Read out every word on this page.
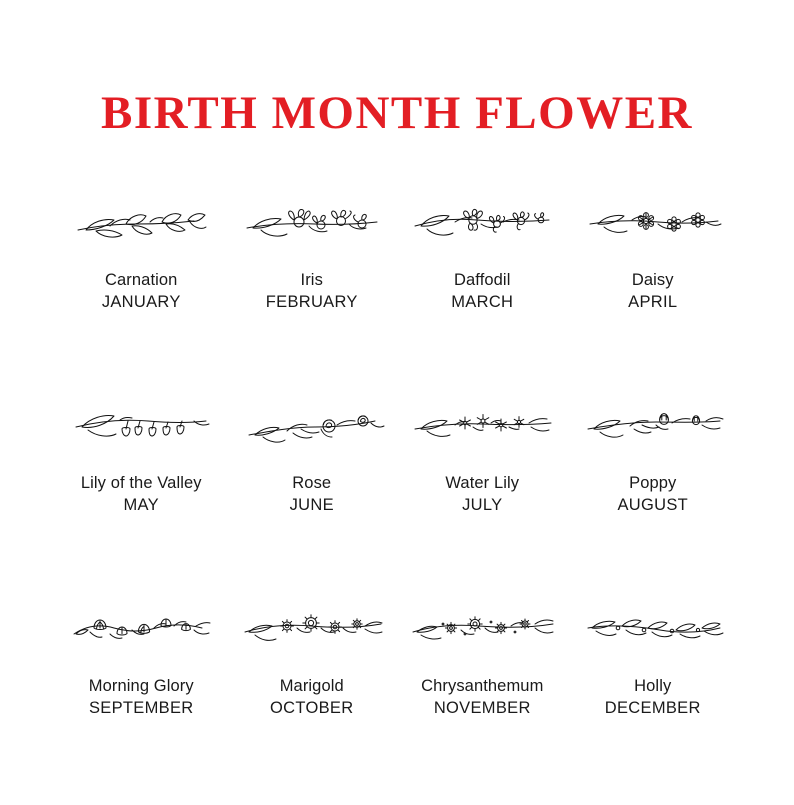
BIRTH MONTH FLOWER
Carnation
JANUARY
Iris
FEBRUARY
Daffodil
MARCH
Daisy
APRIL
Lily of the Valley
MAY
Rose
JUNE
Water Lily
JULY
Poppy
AUGUST
Morning Glory
SEPTEMBER
Marigold
OCTOBER
Chrysanthemum
NOVEMBER
Holly
DECEMBER
